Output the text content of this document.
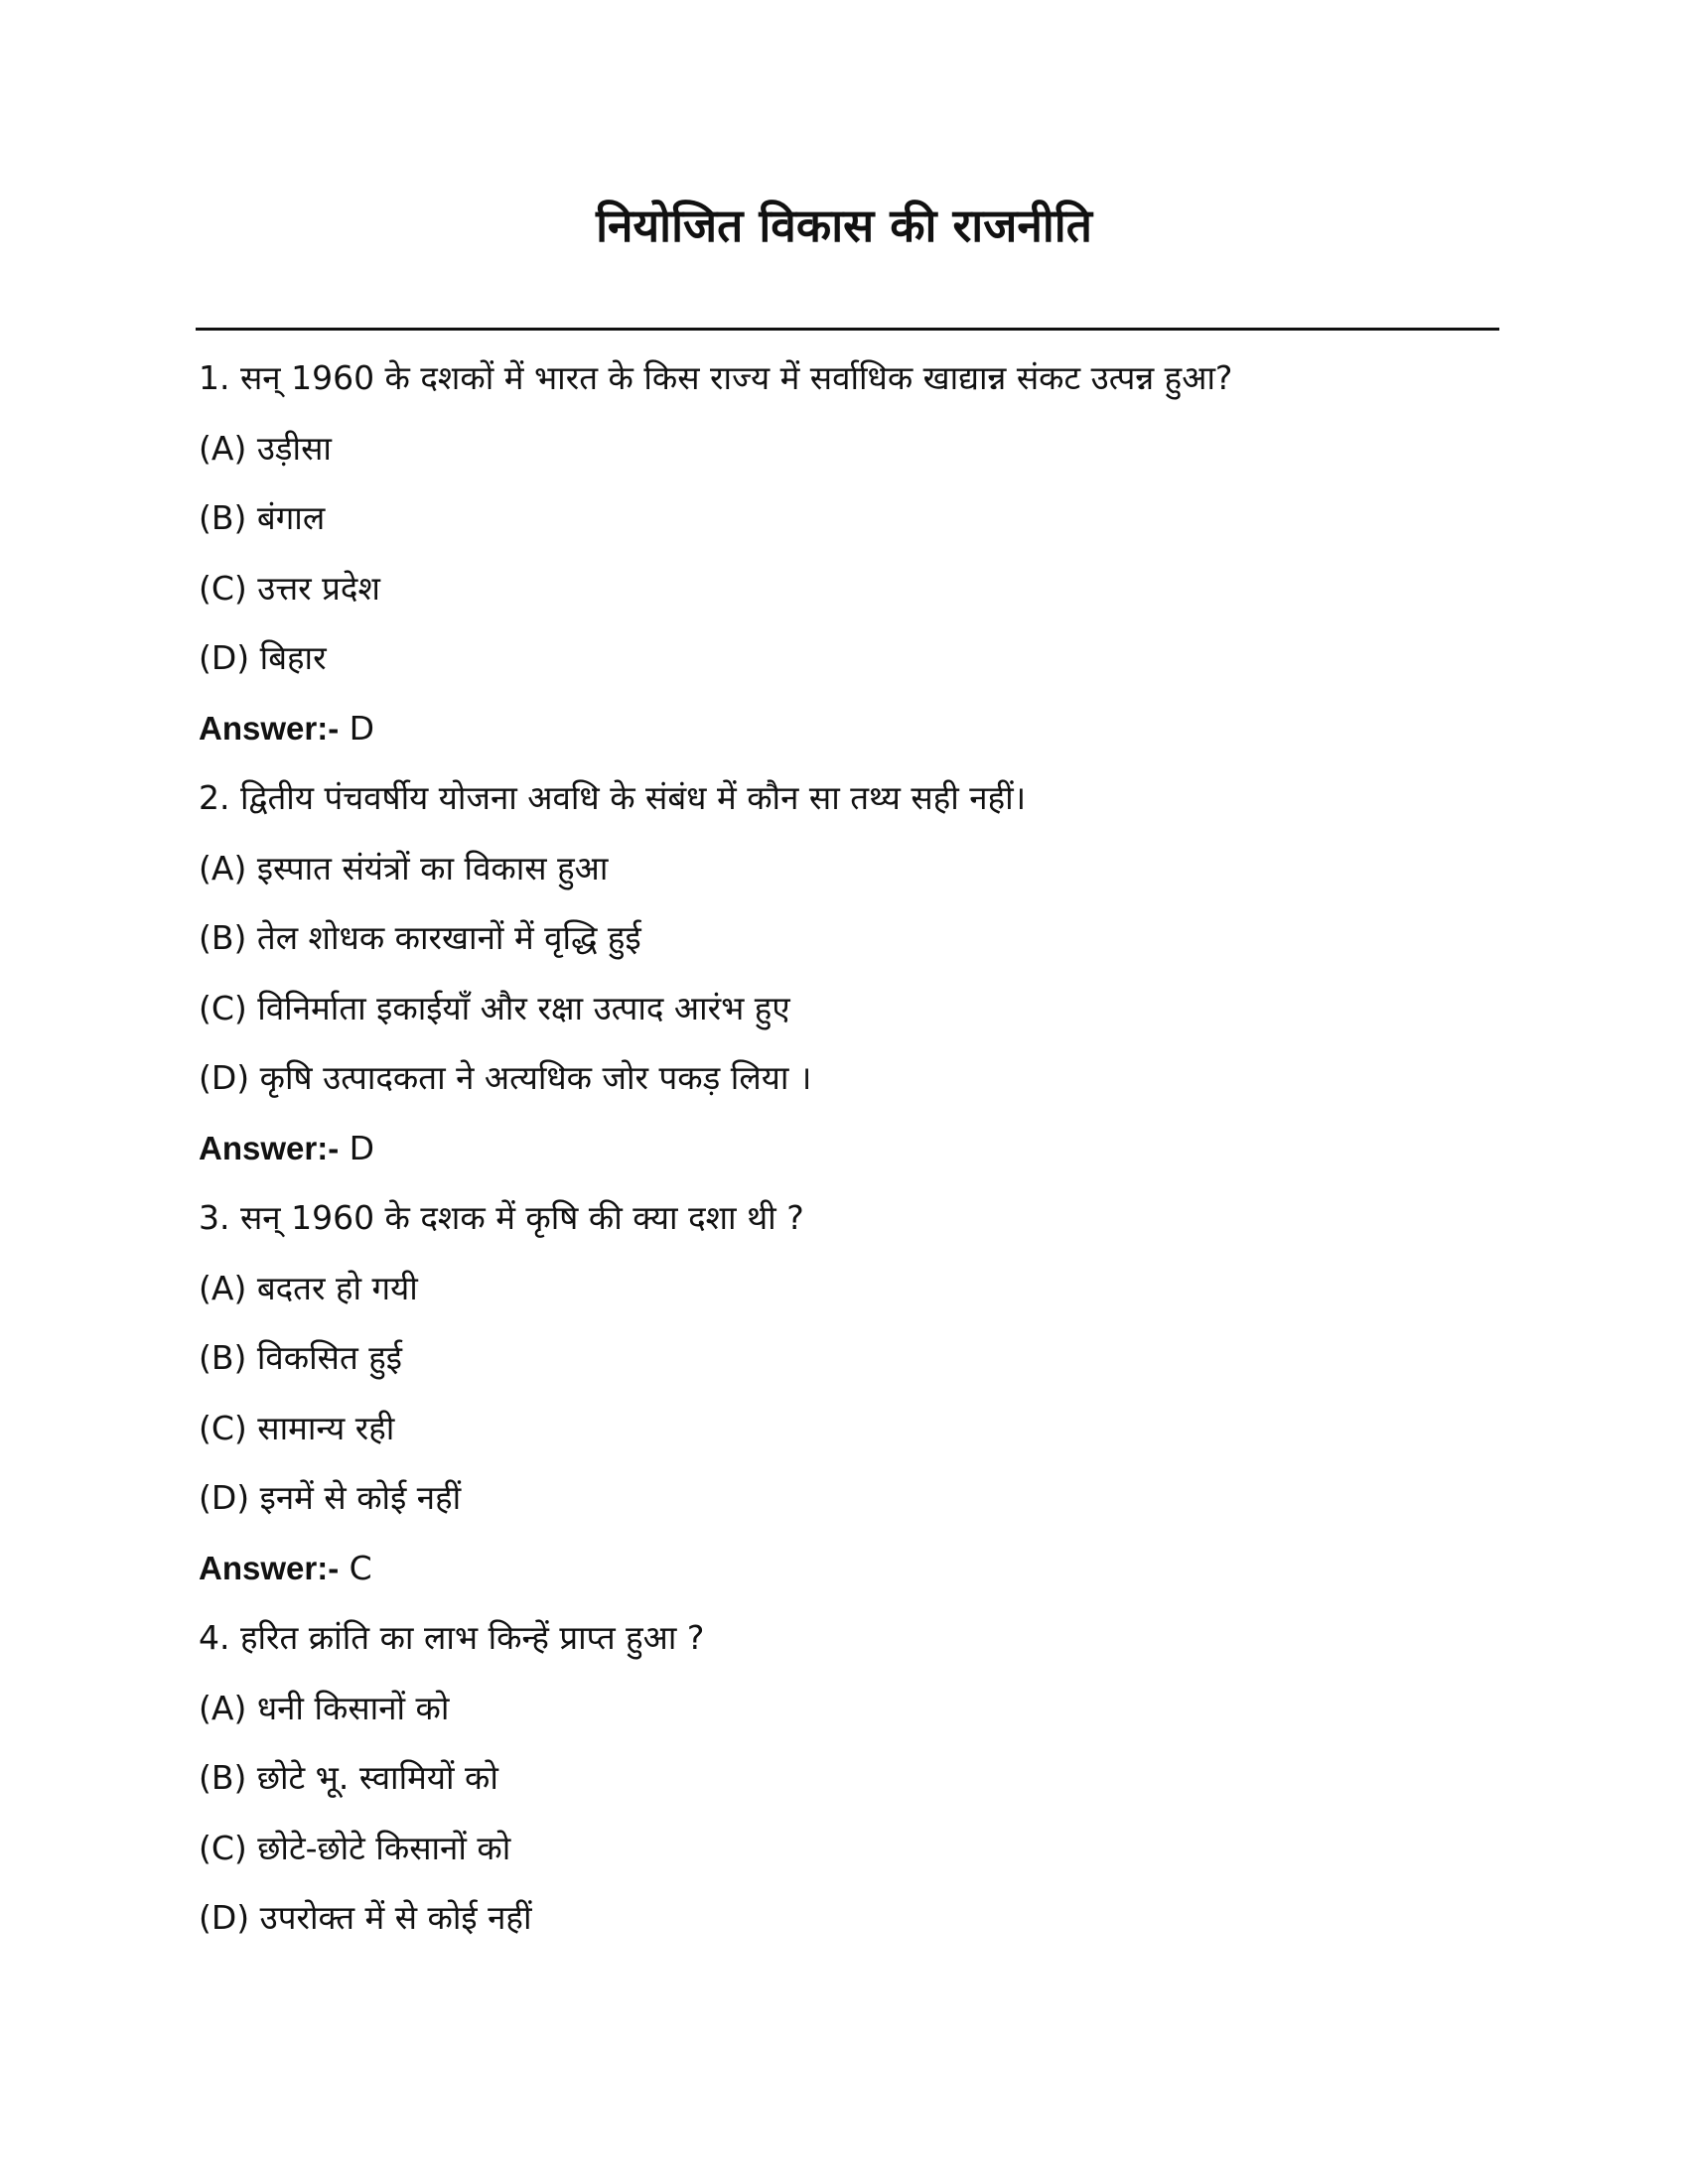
नियोजित विकास की राजनीति
1. सन् 1960 के दशकों में भारत के किस राज्य में सर्वाधिक खाद्यान्न संकट उत्पन्न हुआ?
(A) उड़ीसा
(B) बंगाल
(C) उत्तर प्रदेश
(D) बिहार
Answer:- D
2. द्वितीय पंचवर्षीय योजना अवधि के संबंध में कौन सा तथ्य सही नहीं।
(A) इस्पात संयंत्रों का विकास हुआ
(B) तेल शोधक कारखानों में वृद्धि हुई
(C) विनिर्माता इकाईयाँ और रक्षा उत्पाद आरंभ हुए
(D) कृषि उत्पादकता ने अत्यधिक जोर पकड़ लिया ।
Answer:- D
3. सन् 1960 के दशक में कृषि की क्या दशा थी ?
(A) बदतर हो गयी
(B) विकसित हुई
(C) सामान्य रही
(D) इनमें से कोई नहीं
Answer:- C
4. हरित क्रांति का लाभ किन्हें प्राप्त हुआ ?
(A) धनी किसानों को
(B) छोटे भू. स्वामियों को
(C) छोटे-छोटे किसानों को
(D) उपरोक्त में से कोई नहीं
